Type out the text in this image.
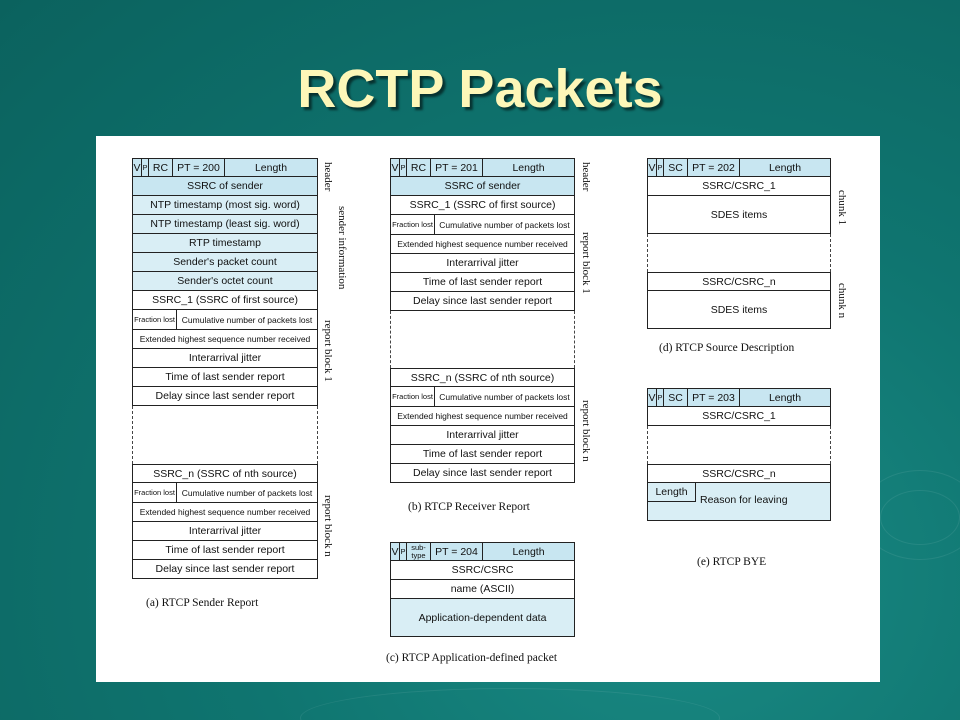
RCTP Packets
V P RC PT = 200	Length
SSRC of sender
NTP timestamp (most sig. word)
NTP timestamp (least sig. word)
RTP timestamp
Sender's packet count
Sender's octet count
SSRC_1 (SSRC of first source)
Fraction lost Cumulative number of packets lost
Extended highest sequence number received
Interarrival jitter
Time of last sender report
Delay since last sender report
SSRC_n (SSRC of nth source)
Fraction lost Cumulative number of packets lost
Extended highest sequence number received
Interarrival jitter
Time of last sender report
Delay since last sender report
header
sender information
report block 1
report block n
(a) RTCP Sender Report
V P RC PT = 201	Length
SSRC of sender
SSRC_1 (SSRC of first source)
Fraction lost Cumulative number of packets lost
Extended highest sequence number received
Interarrival jitter
Time of last sender report
Delay since last sender report
SSRC_n (SSRC of nth source)
Fraction lost Cumulative number of packets lost
Extended highest sequence number received
Interarrival jitter
Time of last sender report
Delay since last sender report
header
report block 1
report block n
(b) RTCP Receiver Report
V P sub-type PT = 204	Length
SSRC/CSRC
name (ASCII)
Application-dependent data
(c) RTCP Application-defined packet
V P SC PT = 202	Length
SSRC/CSRC_1
SDES items
SSRC/CSRC_n
SDES items
chunk 1
chunk n
(d) RTCP Source Description
V P SC PT = 203	Length
SSRC/CSRC_1
SSRC/CSRC_n
Length
Reason for leaving
(e) RTCP BYE
